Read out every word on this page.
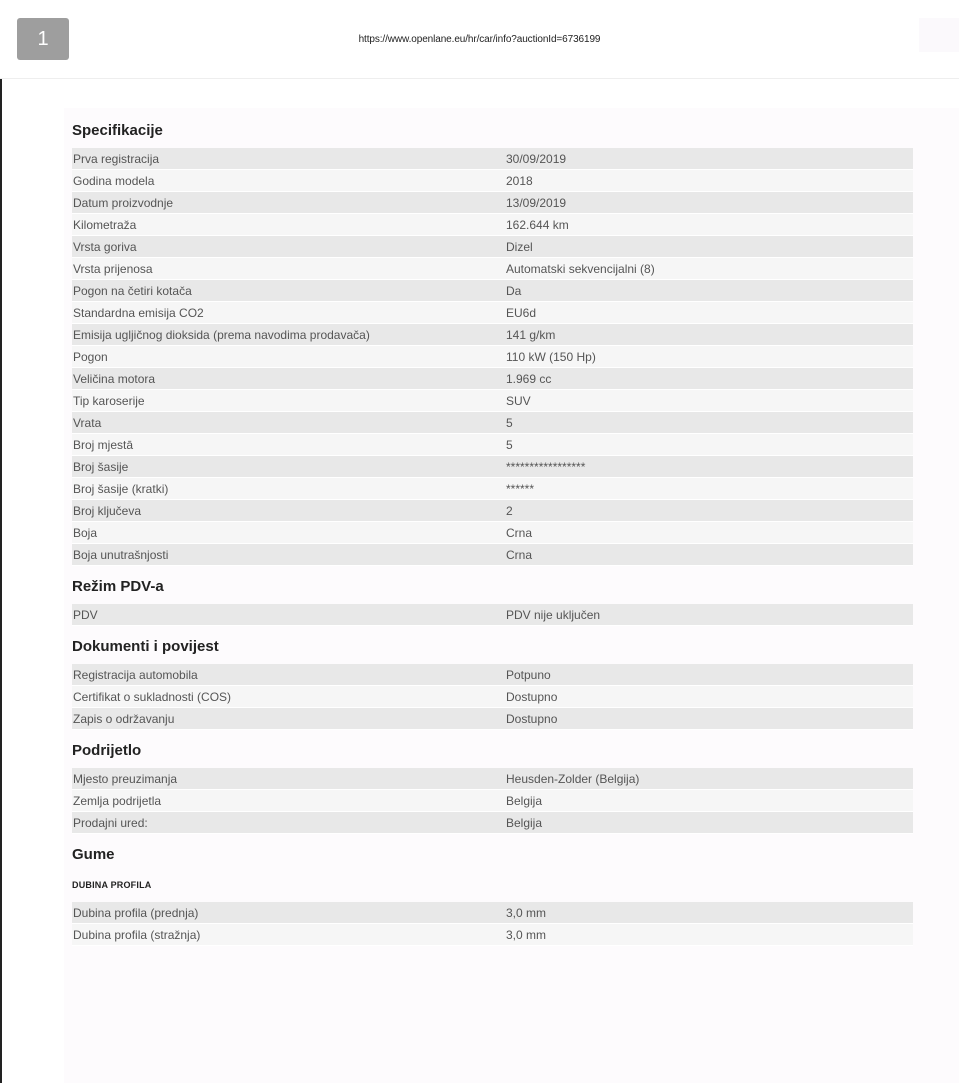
1	https://www.openlane.eu/hr/car/info?auctionId=6736199
Specifikacije
Prva registracija	30/09/2019
Godina modela	2018
Datum proizvodnje	13/09/2019
Kilometraža	162.644 km
Vrsta goriva	Dizel
Vrsta prijenosa	Automatski sekvencijalni (8)
Pogon na četiri kotača	Da
Standardna emisija CO2	EU6d
Emisija ugljičnog dioksida (prema navodima prodavača)	141 g/km
Pogon	110 kW (150 Hp)
Veličina motora	1.969 cc
Tip karoserije	SUV
Vrata	5
Broj mjestā	5
Broj šasije	*****************
Broj šasije (kratki)	******
Broj ključeva	2
Boja	Crna
Boja unutrašnjosti	Crna
Režim PDV-a
PDV	PDV nije uključen
Dokumenti i povijest
Registracija automobila	Potpuno
Certifikat o sukladnosti (COS)	Dostupno
Zapis o održavanju	Dostupno
Podrijetlo
Mjesto preuzimanja	Heusden-Zolder (Belgija)
Zemlja podrijetla	Belgija
Prodajni ured:	Belgija
Gume
DUBINA PROFILA
Dubina profila (prednja)	3,0 mm
Dubina profila (stražnja)	3,0 mm
